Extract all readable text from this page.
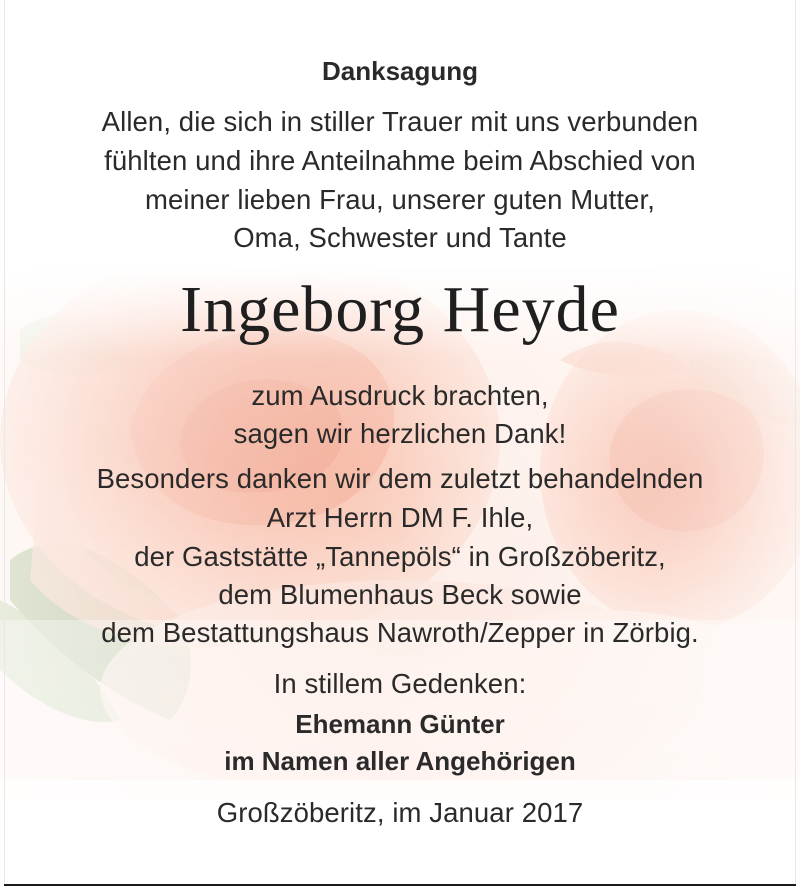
Danksagung
Allen, die sich in stiller Trauer mit uns verbunden
fühlten und ihre Anteilnahme beim Abschied von
meiner lieben Frau, unserer guten Mutter,
Oma, Schwester und Tante
Ingeborg Heyde
zum Ausdruck brachten,
sagen wir herzlichen Dank!
Besonders danken wir dem zuletzt behandelnden
Arzt Herrn DM F. Ihle,
der Gaststätte „Tannepöls“ in Großzöberitz,
dem Blumenhaus Beck sowie
dem Bestattungshaus Nawroth/Zepper in Zörbig.
In stillem Gedenken:
Ehemann Günter
im Namen aller Angehörigen
Großzöberitz, im Januar 2017
